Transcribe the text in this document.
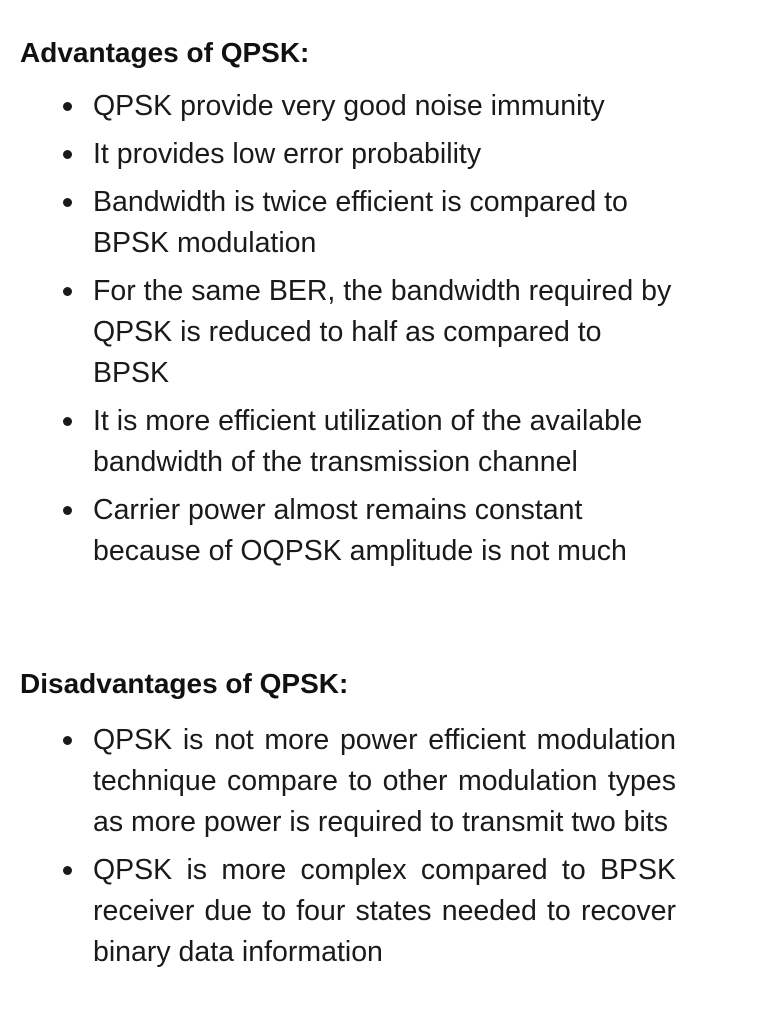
Advantages of QPSK:
QPSK provide very good noise immunity
It provides low error probability
Bandwidth is twice efficient is compared to BPSK modulation
For the same BER, the bandwidth required by QPSK is reduced to half as compared to BPSK
It is more efficient utilization of the available bandwidth of the transmission channel
Carrier power almost remains constant because of OQPSK amplitude is not much
Disadvantages of QPSK:
QPSK is not more power efficient modulation technique compare to other modulation types as more power is required to transmit two bits
QPSK is more complex compared to BPSK receiver due to four states needed to recover binary data information
